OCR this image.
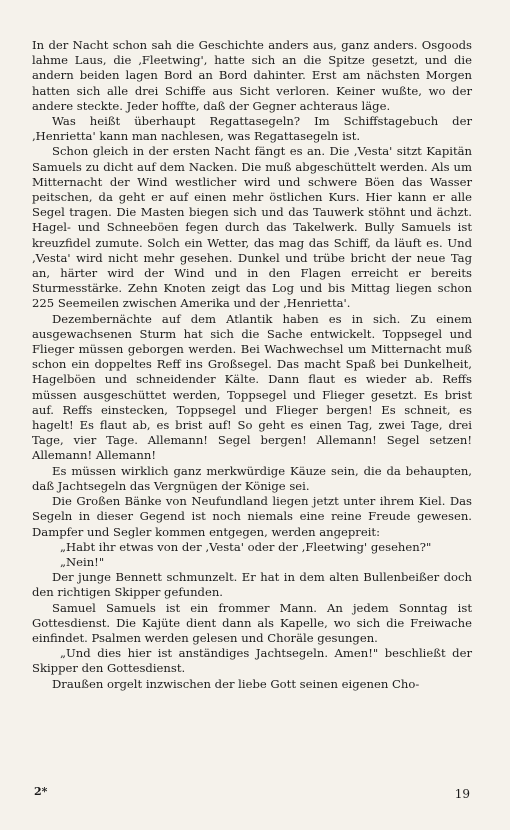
In der Nacht schon sah die Geschichte anders aus, ganz anders. Osgoods lahme Laus, die ‚Fleetwing', hatte sich an die Spitze gesetzt, und die andern beiden lagen Bord an Bord dahinter. Erst am nächsten Morgen hatten sich alle drei Schiffe aus Sicht verloren. Keiner wußte, wo der andere steckte. Jeder hoffte, daß der Gegner achteraus läge.

Was heißt überhaupt Regattasegeln? Im Schiffstagebuch der ‚Henrietta' kann man nachlesen, was Regattasegeln ist.

Schon gleich in der ersten Nacht fängt es an. Die ‚Vesta' sitzt Kapitän Samuels zu dicht auf dem Nacken. Die muß abgeschüttelt werden. Als um Mitternacht der Wind westlicher wird und schwere Böen das Wasser peitschen, da geht er auf einen mehr östlichen Kurs. Hier kann er alle Segel tragen. Die Masten biegen sich und das Tauwerk stöhnt und ächzt. Hagel- und Schneeböen fegen durch das Takelwerk. Bully Samuels ist kreuzfidel zumute. Solch ein Wetter, das mag das Schiff, da läuft es. Und ‚Vesta' wird nicht mehr gesehen. Dunkel und trübe bricht der neue Tag an, härter wird der Wind und in den Flagen erreicht er bereits Sturmesstärke. Zehn Knoten zeigt das Log und bis Mittag liegen schon 225 Seemeilen zwischen Amerika und der ‚Henrietta'.

Dezembernächte auf dem Atlantik haben es in sich. Zu einem ausgewachsenen Sturm hat sich die Sache entwickelt. Toppsegel und Flieger müssen geborgen werden. Bei Wachwechsel um Mitternacht muß schon ein doppeltes Reff ins Großsegel. Das macht Spaß bei Dunkelheit, Hagelböen und schneidender Kälte. Dann flaut es wieder ab. Reffs müssen ausgeschüttet werden, Toppsegel und Flieger gesetzt. Es brist auf. Reffs einstecken, Toppsegel und Flieger bergen! Es schneit, es hagelt! Es flaut ab, es brist auf! So geht es einen Tag, zwei Tage, drei Tage, vier Tage. Allemann! Segel bergen! Allemann! Segel setzen! Allemann! Allemann!

Es müssen wirklich ganz merkwürdige Käuze sein, die da behaupten, daß Jachtsegeln das Vergnügen der Könige sei.

Die Großen Bänke von Neufundland liegen jetzt unter ihrem Kiel. Das Segeln in dieser Gegend ist noch niemals eine reine Freude gewesen. Dampfer und Segler kommen entgegen, werden angepreit:

„Habt ihr etwas von der ‚Vesta' oder der ‚Fleetwing' gesehen?"

„Nein!"

Der junge Bennett schmunzelt. Er hat in dem alten Bullenbeißer doch den richtigen Skipper gefunden.

Samuel Samuels ist ein frommer Mann. An jedem Sonntag ist Gottesdienst. Die Kajüte dient dann als Kapelle, wo sich die Freiwache einfindet. Psalmen werden gelesen und Choräle gesungen.

„Und dies hier ist anständiges Jachtsegeln. Amen!" beschließt der Skipper den Gottesdienst.

Draußen orgelt inzwischen der liebe Gott seinen eigenen Cho-

2*	19
